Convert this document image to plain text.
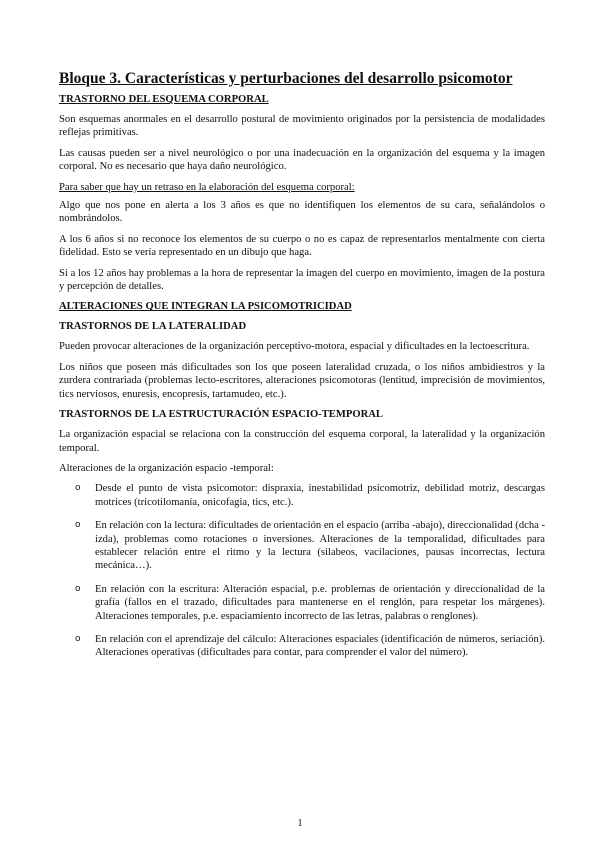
Bloque 3. Características y perturbaciones del desarrollo psicomotor
TRASTORNO DEL ESQUEMA CORPORAL

Son esquemas anormales en el desarrollo postural de movimiento originados por la persistencia de modalidades reflejas primitivas.

Las causas pueden ser a nivel neurológico o por una inadecuación en la organización del esquema y la imagen corporal. No es necesario que haya daño neurológico.

Para saber que hay un retraso en la elaboración del esquema corporal:

Algo que nos pone en alerta a los 3 años es que no identifiquen los elementos de su cara, señalándolos o nombrándolos.

A los 6 años si no reconoce los elementos de su cuerpo o no es capaz de representarlos mentalmente con cierta fidelidad. Esto se vería representado en un dibujo que haga.

Si a los 12 años hay problemas a la hora de representar la imagen del cuerpo en movimiento, imagen de la postura y percepción de detalles.

ALTERACIONES QUE INTEGRAN LA PSICOMOTRICIDAD
TRASTORNOS DE LA LATERALIDAD

Pueden provocar alteraciones de la organización perceptivo-motora, espacial y dificultades en la lectoescritura.

Los niños que poseen más dificultades son los que poseen lateralidad cruzada, o los niños ambidiestros y la zurdera contrariada (problemas lecto-escritores, alteraciones psicomotoras (lentitud, imprecisión de movimientos, tics nerviosos, enuresis, encopresis, tartamudeo, etc.).

TRASTORNOS DE LA ESTRUCTURACIÓN ESPACIO-TEMPORAL

La organización espacial se relaciona con la construcción del esquema corporal, la lateralidad y la organización temporal.

Alteraciones de la organización espacio -temporal:

o Desde el punto de vista psicomotor: dispraxia, inestabilidad psicomotriz, debilidad motriz, descargas motrices (tricotilomanía, onicofagia, tics, etc.).
o En relación con la lectura: dificultades de orientación en el espacio (arriba -abajo), direccionalidad (dcha -izda), problemas como rotaciones o inversiones. Alteraciones de la temporalidad, dificultades para establecer relación entre el ritmo y la lectura (silabeos, vacilaciones, pausas incorrectas, lectura mecánica…).
o En relación con la escritura: Alteración espacial, p.e. problemas de orientación y direccionalidad de la grafía (fallos en el trazado, dificultades para mantenerse en el renglón, para respetar los márgenes). Alteraciones temporales, p.e. espaciamiento incorrecto de las letras, palabras o renglones).
o En relación con el aprendizaje del cálculo: Alteraciones espaciales (identificación de números, seriación). Alteraciones operativas (dificultades para contar, para comprender el valor del número).
1
